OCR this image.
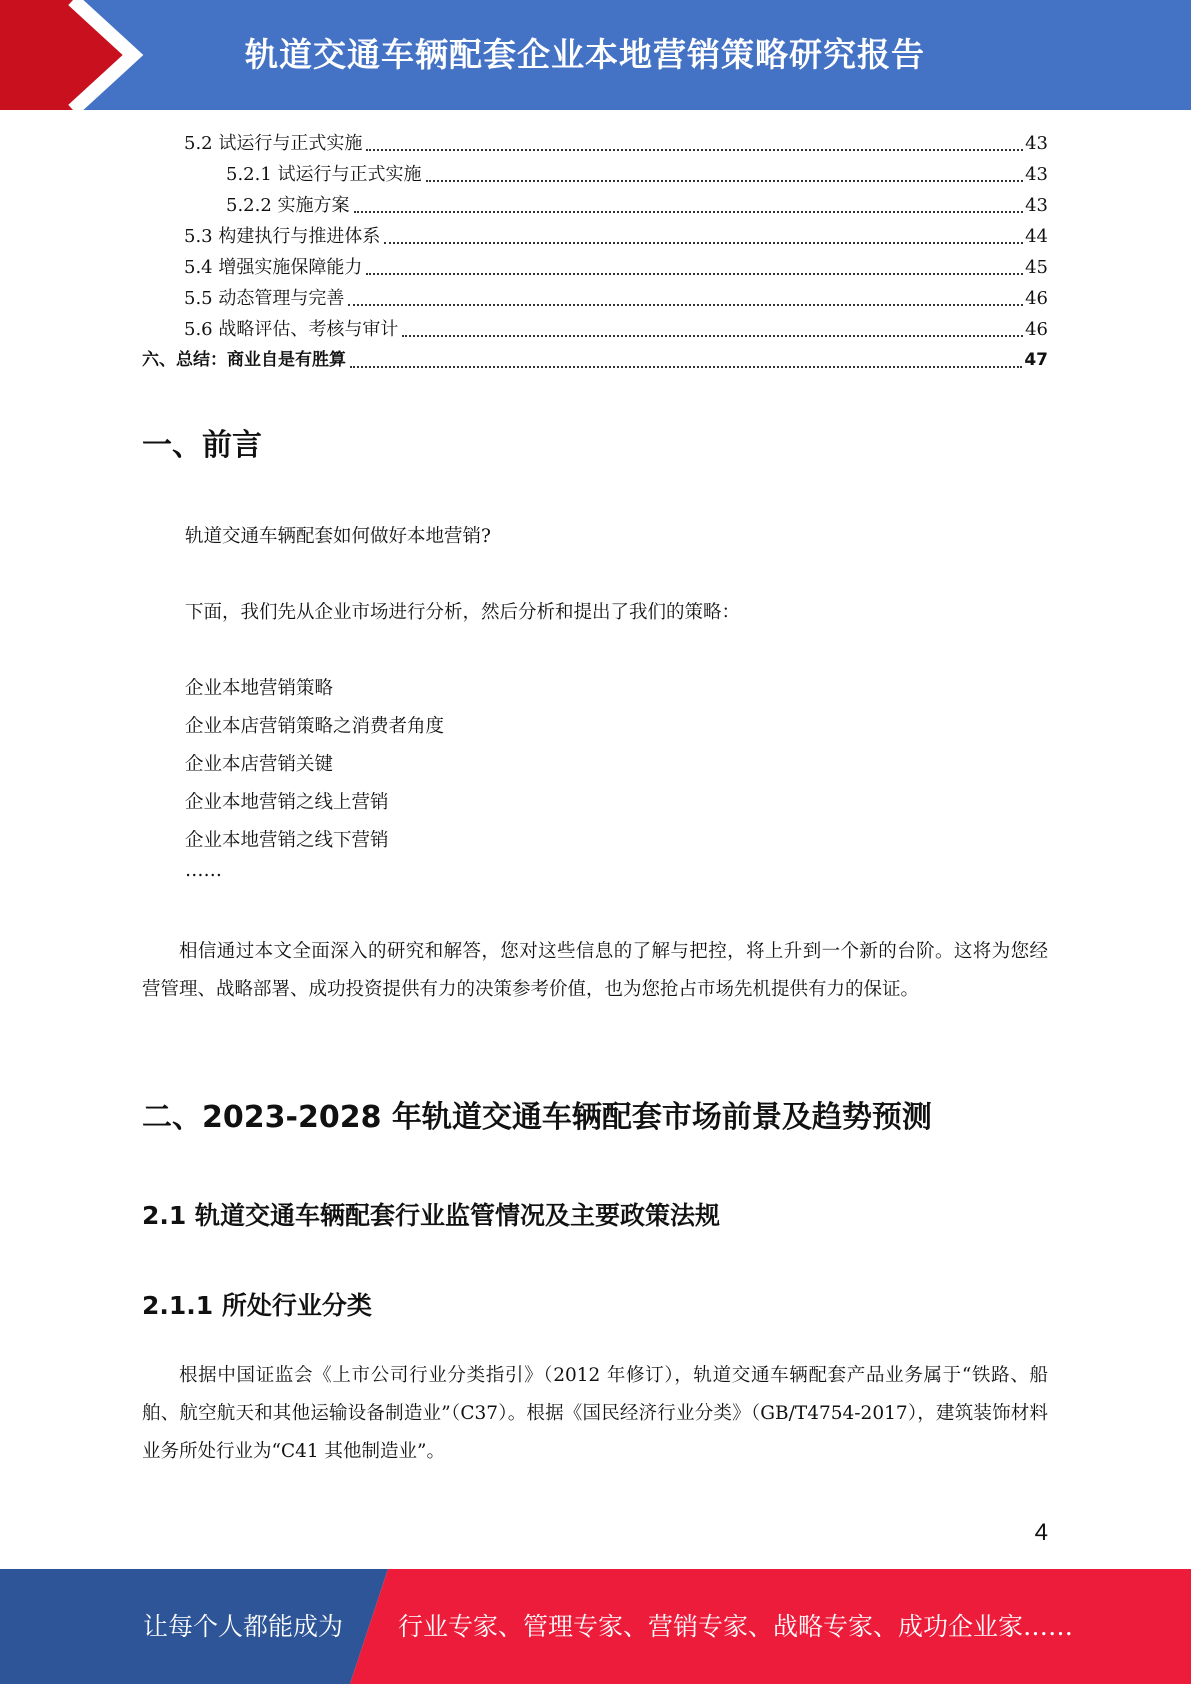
轨道交通车辆配套企业本地营销策略研究报告
5.2 试运行与正式实施	43
5.2.1 试运行与正式实施	43
5.2.2 实施方案	43
5.3 构建执行与推进体系	44
5.4 增强实施保障能力	45
5.5 动态管理与完善	46
5.6 战略评估、考核与审计	46
六、总结：商业自是有胜算	47
一、前言
轨道交通车辆配套如何做好本地营销?
下面，我们先从企业市场进行分析，然后分析和提出了我们的策略：
企业本地营销策略
企业本店营销策略之消费者角度
企业本店营销关键
企业本地营销之线上营销
企业本地营销之线下营销
……
相信通过本文全面深入的研究和解答，您对这些信息的了解与把控，将上升到一个新的台阶。这将为您经营管理、战略部署、成功投资提供有力的决策参考价值，也为您抢占市场先机提供有力的保证。
二、2023-2028 年轨道交通车辆配套市场前景及趋势预测
2.1 轨道交通车辆配套行业监管情况及主要政策法规
2.1.1 所处行业分类
根据中国证监会《上市公司行业分类指引》（2012 年修订），轨道交通车辆配套产品业务属于“铁路、船舶、航空航天和其他运输设备制造业”（C37）。根据《国民经济行业分类》（GB/T4754-2017），建筑装饰材料业务所处行业为“C41 其他制造业”。
4
让每个人都能成为 行业专家、管理专家、营销专家、战略专家、成功企业家……
